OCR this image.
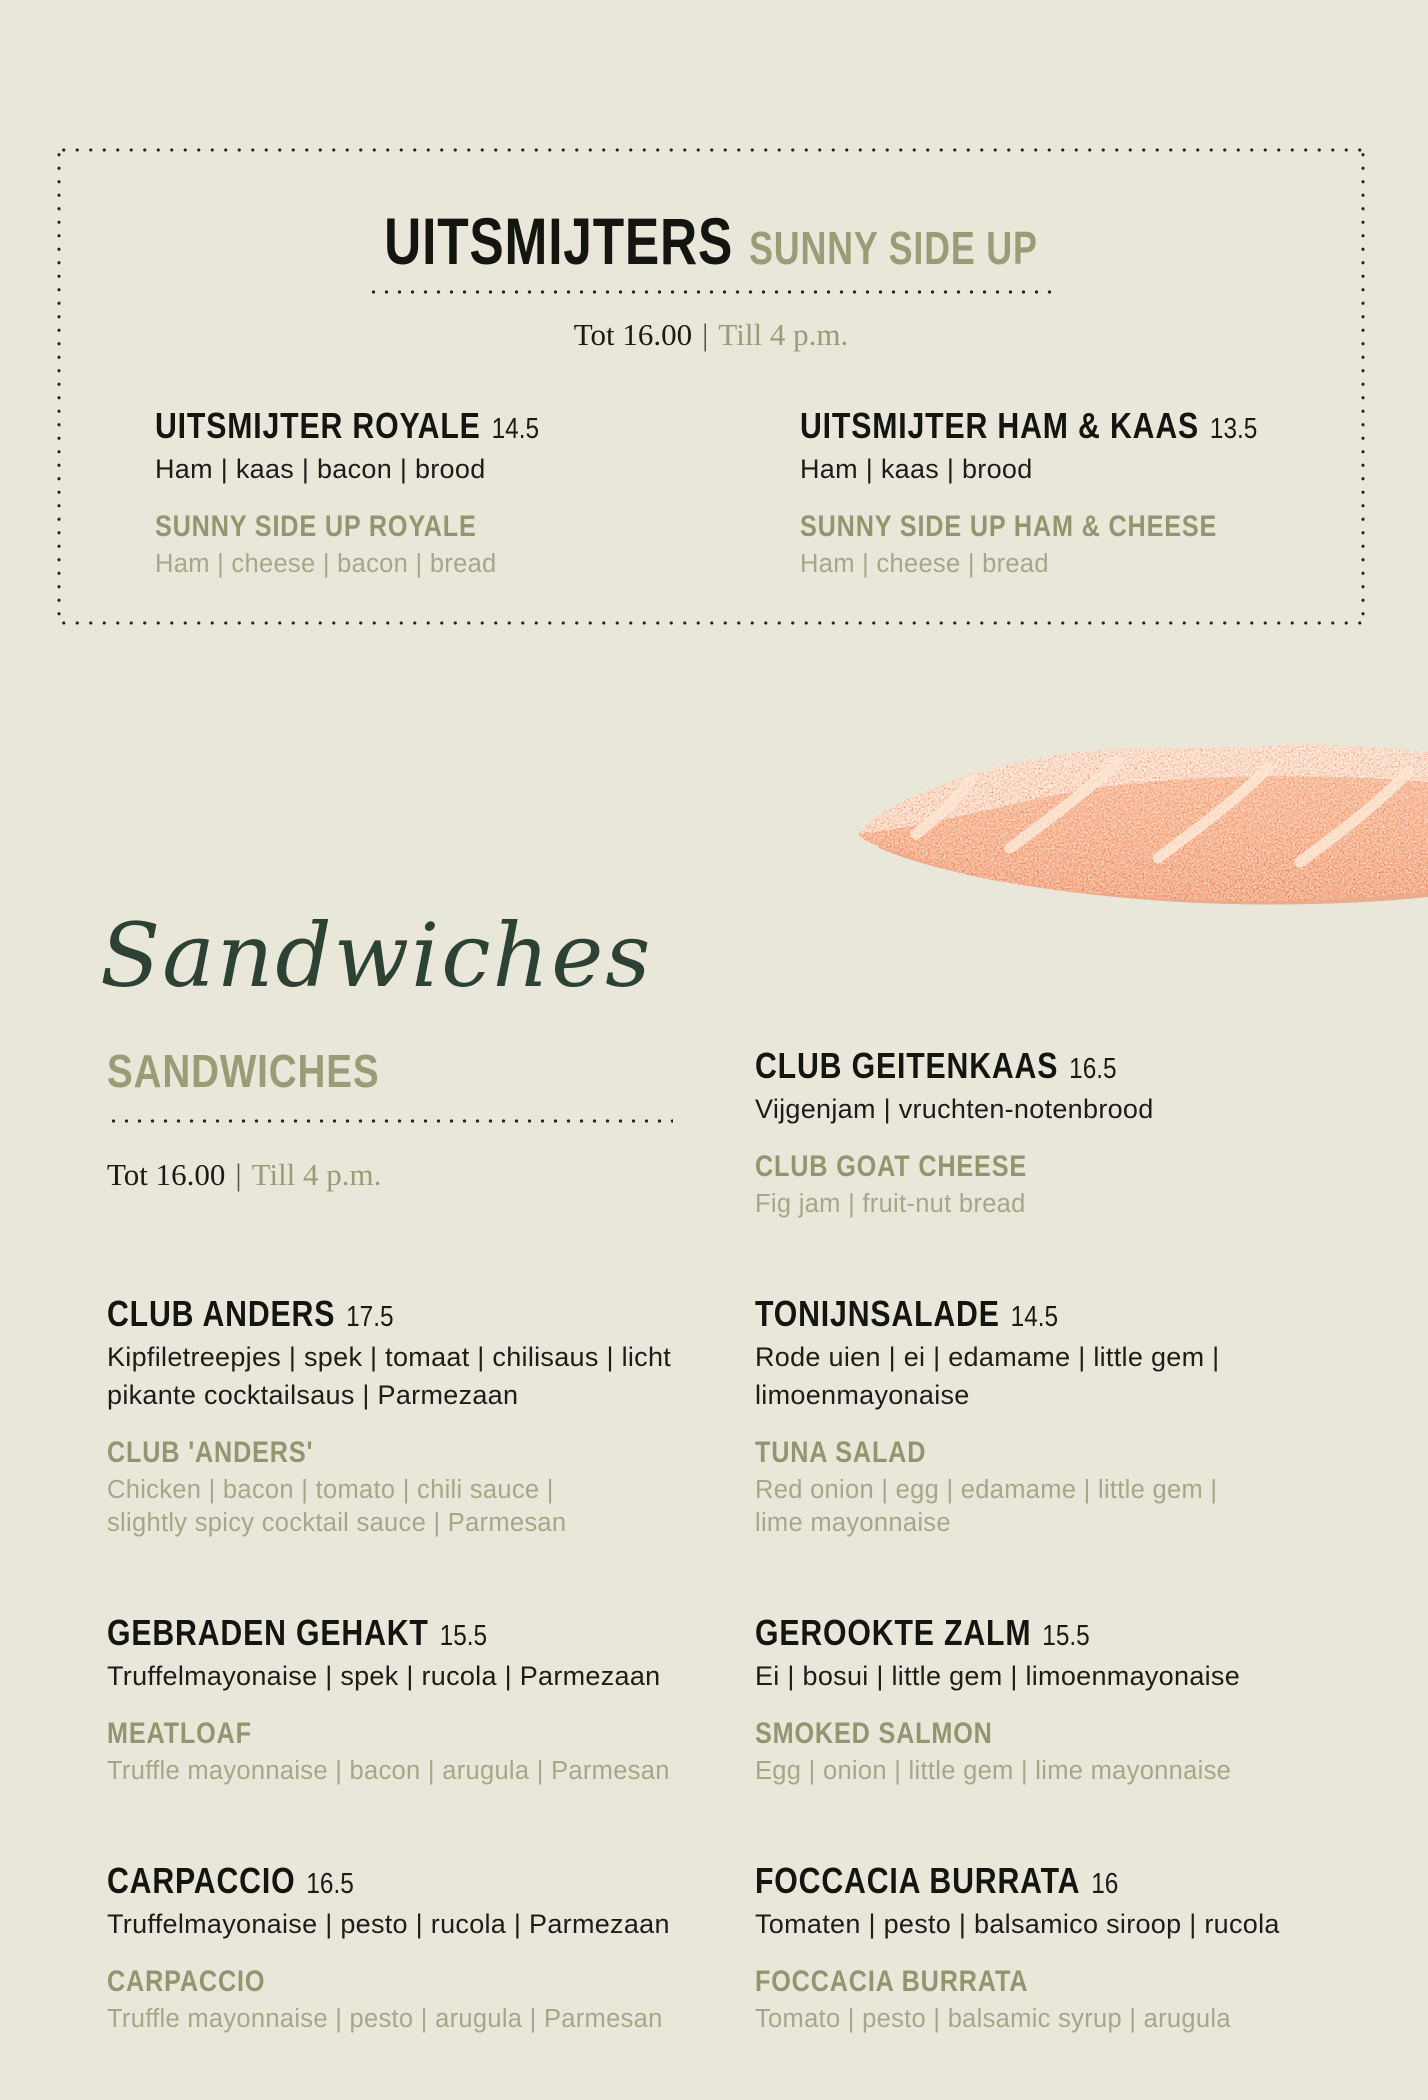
UITSMIJTERS SUNNY SIDE UP
Tot 16.00 | Till 4 p.m.
UITSMIJTER ROYALE 14.5
Ham | kaas | bacon | brood
SUNNY SIDE UP ROYALE
Ham | cheese | bacon | bread
UITSMIJTER HAM & KAAS 13.5
Ham | kaas | brood
SUNNY SIDE UP HAM & CHEESE
Ham | cheese | bread
Sandwiches
SANDWICHES
Tot 16.00 | Till 4 p.m.
CLUB GEITENKAAS 16.5
Vijgenjam | vruchten-notenbrood
CLUB GOAT CHEESE
Fig jam | fruit-nut bread
CLUB ANDERS 17.5
Kipfiletreepjes | spek | tomaat | chilisaus | licht pikante cocktailsaus | Parmezaan
CLUB 'ANDERS'
Chicken | bacon | tomato | chili sauce | slightly spicy cocktail sauce | Parmesan
TONIJNSALADE 14.5
Rode uien | ei | edamame | little gem | limoenmayonaise
TUNA SALAD
Red onion | egg | edamame | little gem | lime mayonnaise
GEBRADEN GEHAKT 15.5
Truffelmayonaise | spek | rucola | Parmezaan
MEATLOAF
Truffle mayonnaise | bacon | arugula | Parmesan
GEROOKTE ZALM 15.5
Ei | bosui | little gem | limoenmayonaise
SMOKED SALMON
Egg | onion | little gem | lime mayonnaise
CARPACCIO 16.5
Truffelmayonaise | pesto | rucola | Parmezaan
CARPACCIO
Truffle mayonnaise | pesto | arugula | Parmesan
FOCCACIA BURRATA 16
Tomaten | pesto | balsamico siroop | rucola
FOCCACIA BURRATA
Tomato | pesto | balsamic syrup | arugula
